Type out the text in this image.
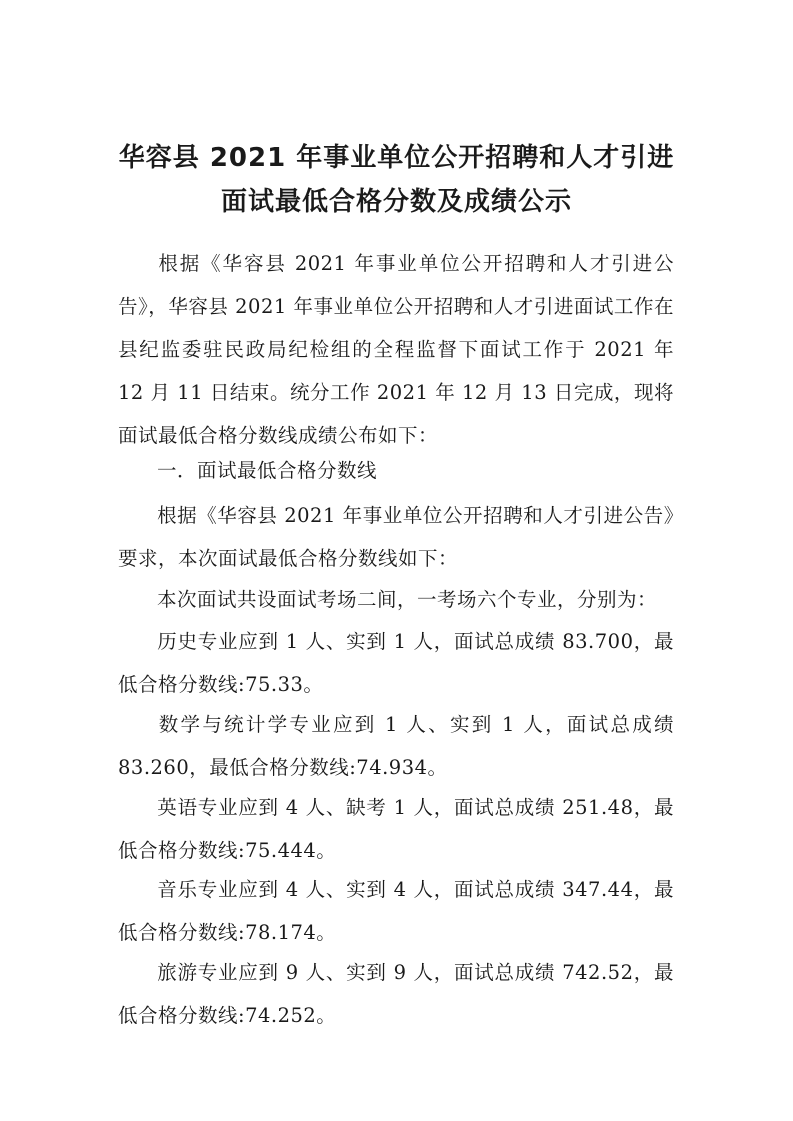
华容县 2021 年事业单位公开招聘和人才引进
面试最低合格分数及成绩公示

根据《华容县 2021 年事业单位公开招聘和人才引进公告》，华容县 2021 年事业单位公开招聘和人才引进面试工作在县纪监委驻民政局纪检组的全程监督下面试工作于 2021 年 12 月 11 日结束。统分工作 2021 年 12 月 13 日完成，现将面试最低合格分数线成绩公布如下：

一．面试最低合格分数线

根据《华容县 2021 年事业单位公开招聘和人才引进公告》要求，本次面试最低合格分数线如下：

本次面试共设面试考场二间，一考场六个专业，分别为：

历史专业应到 1 人、实到 1 人，面试总成绩 83.700，最低合格分数线:75.33。

数学与统计学专业应到 1 人、实到 1 人，面试总成绩 83.260，最低合格分数线:74.934。

英语专业应到 4 人、缺考 1 人，面试总成绩 251.48，最低合格分数线:75.444。

音乐专业应到 4 人、实到 4 人，面试总成绩 347.44，最低合格分数线:78.174。

旅游专业应到 9 人、实到 9 人，面试总成绩 742.52，最低合格分数线:74.252。
